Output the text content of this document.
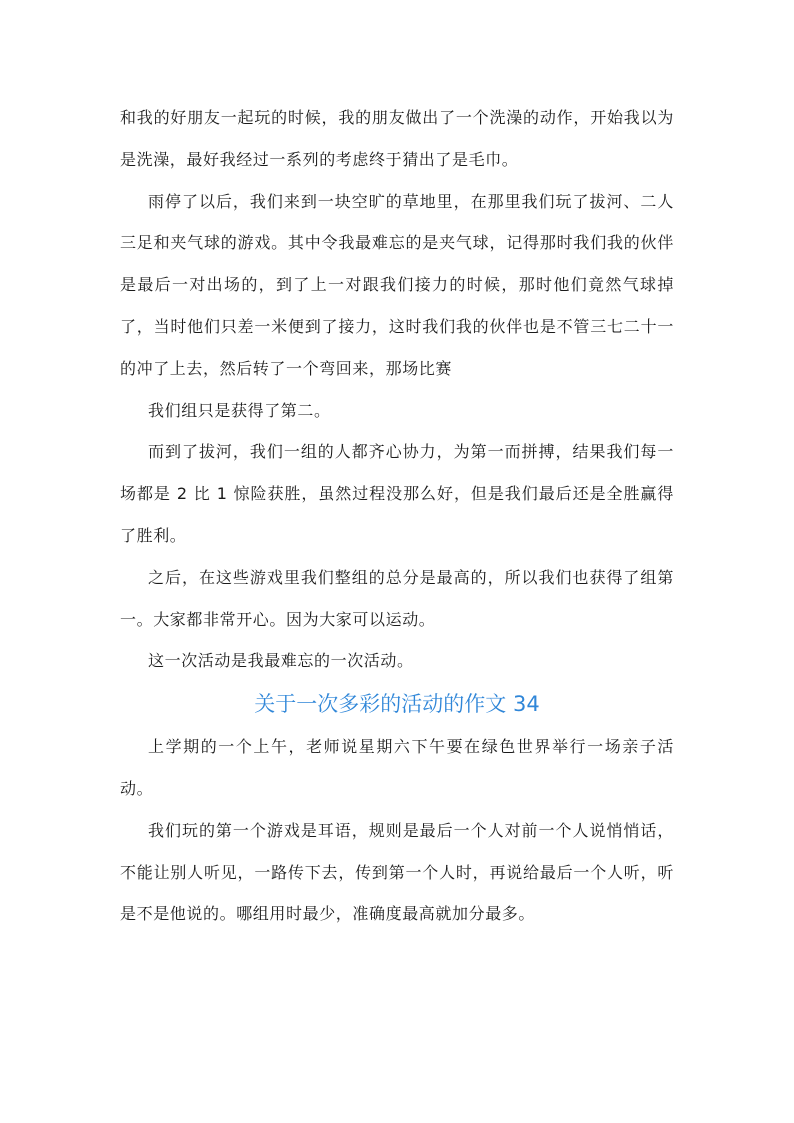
和我的好朋友一起玩的时候，我的朋友做出了一个洗澡的动作，开始我以为是洗澡，最好我经过一系列的考虑终于猜出了是毛巾。

雨停了以后，我们来到一块空旷的草地里，在那里我们玩了拔河、二人三足和夹气球的游戏。其中令我最难忘的是夹气球，记得那时我们我的伙伴是最后一对出场的，到了上一对跟我们接力的时候，那时他们竟然气球掉了，当时他们只差一米便到了接力，这时我们我的伙伴也是不管三七二十一的冲了上去，然后转了一个弯回来，那场比赛

我们组只是获得了第二。

而到了拔河，我们一组的人都齐心协力，为第一而拼搏，结果我们每一场都是 2 比 1 惊险获胜，虽然过程没那么好，但是我们最后还是全胜赢得了胜利。

之后，在这些游戏里我们整组的总分是最高的，所以我们也获得了组第一。大家都非常开心。因为大家可以运动。

这一次活动是我最难忘的一次活动。

关于一次多彩的活动的作文 34

上学期的一个上午，老师说星期六下午要在绿色世界举行一场亲子活动。

我们玩的第一个游戏是耳语，规则是最后一个人对前一个人说悄悄话，不能让别人听见，一路传下去，传到第一个人时，再说给最后一个人听，听是不是他说的。哪组用时最少，准确度最高就加分最多。
